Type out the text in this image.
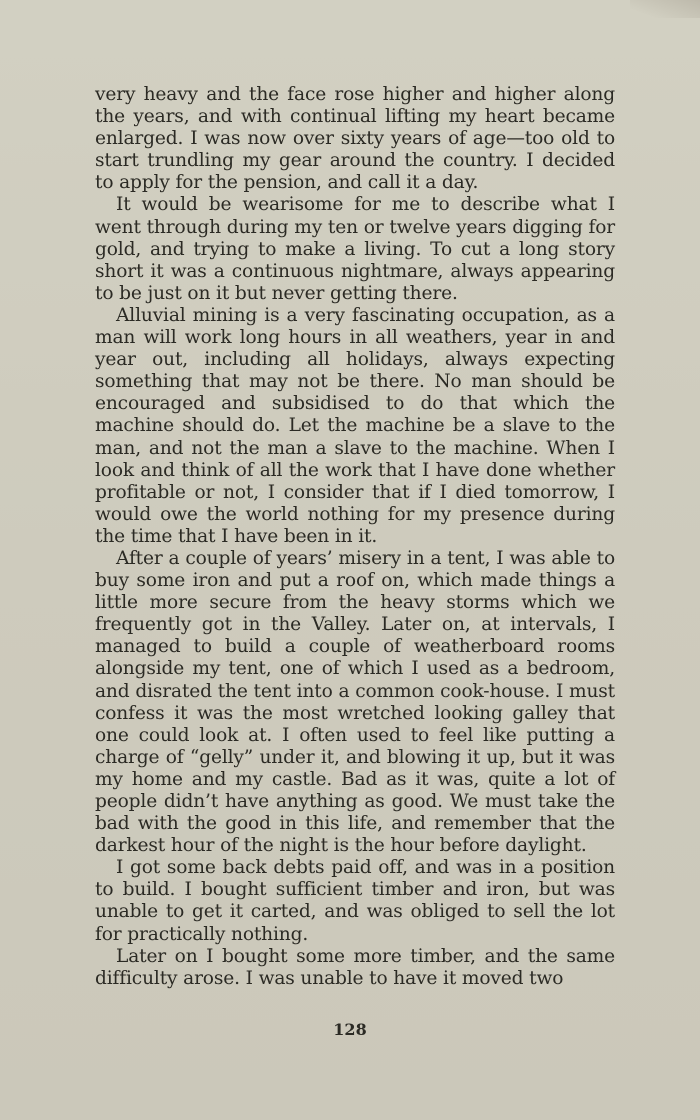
very heavy and the face rose higher and higher along the years, and with continual lifting my heart became enlarged. I was now over sixty years of age—too old to start trundling my gear around the country. I decided to apply for the pension, and call it a day.

It would be wearisome for me to describe what I went through during my ten or twelve years digging for gold, and trying to make a living. To cut a long story short it was a continuous nightmare, always appearing to be just on it but never getting there.

Alluvial mining is a very fascinating occupation, as a man will work long hours in all weathers, year in and year out, including all holidays, always expecting something that may not be there. No man should be encouraged and subsidised to do that which the machine should do. Let the machine be a slave to the man, and not the man a slave to the machine. When I look and think of all the work that I have done whether profitable or not, I consider that if I died tomorrow, I would owe the world nothing for my presence during the time that I have been in it.

After a couple of years’ misery in a tent, I was able to buy some iron and put a roof on, which made things a little more secure from the heavy storms which we frequently got in the Valley. Later on, at intervals, I managed to build a couple of weatherboard rooms alongside my tent, one of which I used as a bedroom, and disrated the tent into a common cook-house. I must confess it was the most wretched looking galley that one could look at. I often used to feel like putting a charge of “gelly” under it, and blowing it up, but it was my home and my castle. Bad as it was, quite a lot of people didn’t have anything as good. We must take the bad with the good in this life, and remember that the darkest hour of the night is the hour before daylight.

I got some back debts paid off, and was in a position to build. I bought sufficient timber and iron, but was unable to get it carted, and was obliged to sell the lot for practically nothing.

Later on I bought some more timber, and the same difficulty arose. I was unable to have it moved two

128
